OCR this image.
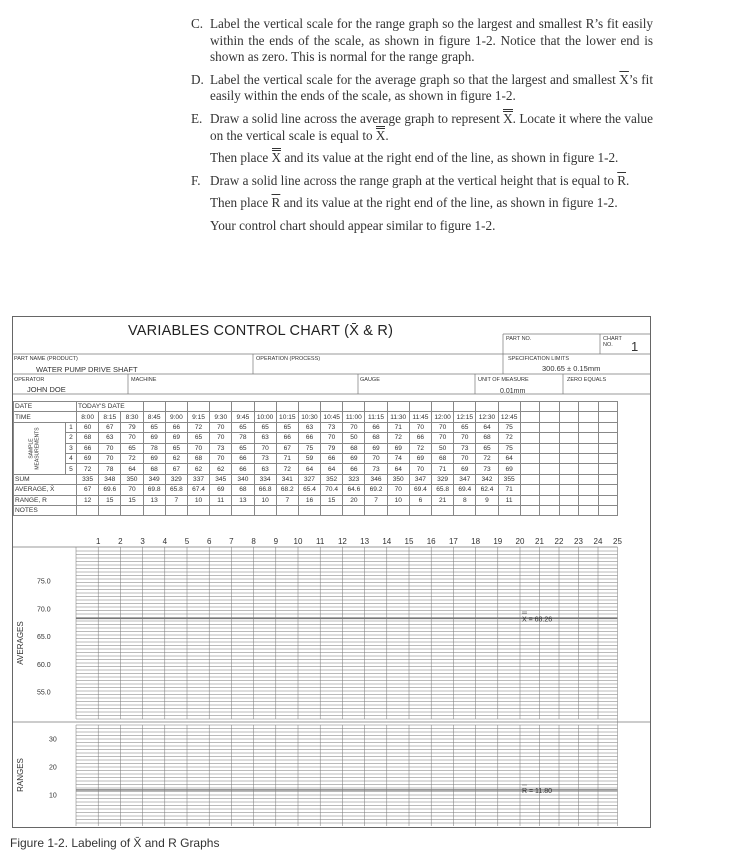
C. Label the vertical scale for the range graph so the largest and smallest R’s fit easily within the ends of the scale, as shown in figure 1-2. Notice that the lower end is shown as zero. This is normal for the range graph.
D. Label the vertical scale for the average graph so that the largest and smallest $\overline{X}’s$ fit easily within the ends of the scale, as shown in figure 1-2.
E. Draw a solid line across the average graph to represent X. Locate it where the value on the vertical scale is equal to X.
Then place X and its value at the right end of the line, as shown in figure 1-2.
F. Draw a solid line across the range graph at the vertical height that is equal to $\overline{R}$.
Then place $\overline{R}$ and its value at the right end of the line, as shown in figure 1-2.
Your control chart should appear similar to figure 1-2.
1 2 3 4 5 6 7 8 9 10 11 12 13 14 15 16 17 18 19 20 21 22 23 24 25
AVERAGES
RANGES
75.0
70.0
65.0
60.0
55.0
30
20
10
X = 68.26
R = 11.80
VARIABLES CONTROL CHART (X̄ & R)	PART NO.	CHART NO.	1
PART NAME (PRODUCT)
WATER PUMP DRIVE SHAFT
OPERATION (PROCESS)	SPECIFICATION LIMITS
300.65 ± 0.15mm
OPERATOR
JOHN DOE
MACHINE	GAUGE	UNIT OF MEASURE
0.01mm
ZERO EQUALS
DATE		TODAY'S DATE																								
TIME		8:00	8:15	8:30	8:45	9:00	9:15	9:30	9:45	10:00	10:15	10:30	10:45	11:00	11:15	11:30	11:45	12:00	12:15	12:30	12:45					

SAMPLE MEASUREMENTS	1	60	67	79	65	66	72	70	65	65	65	63	73	70	66	71	70	70	65	64	75					
	2	68	63	70	69	69	65	70	78	63	66	66	70	50	68	72	66	70	70	68	72					
	3	66	70	65	78	65	70	73	65	70	67	75	79	68	69	69	72	50	73	65	75					
	4	69	70	72	69	62	68	70	66	73	71	59	66	69	70	74	69	68	70	72	64					
	5	72	78	64	68	67	62	62	66	63	72	64	64	66	73	64	70	71	69	73	69					
SUM		335	348	350	349	329	337	345	340	334	341	327	352	323	346	350	347	329	347	342	355					
AVERAGE, X̄		67	69.6	70	69.8	65.8	67.4	69	68	66.8	68.2	65.4	70.4	64.6	69.2	70	69.4	65.8	69.4	62.4	71					
RANGE, R		12	15	15	13	7	10	11	13	10	7	16	15	20	7	10	6	21	8	9	11					
NOTES																										
Figure 1-2. Labeling of X̄ and R Graphs
